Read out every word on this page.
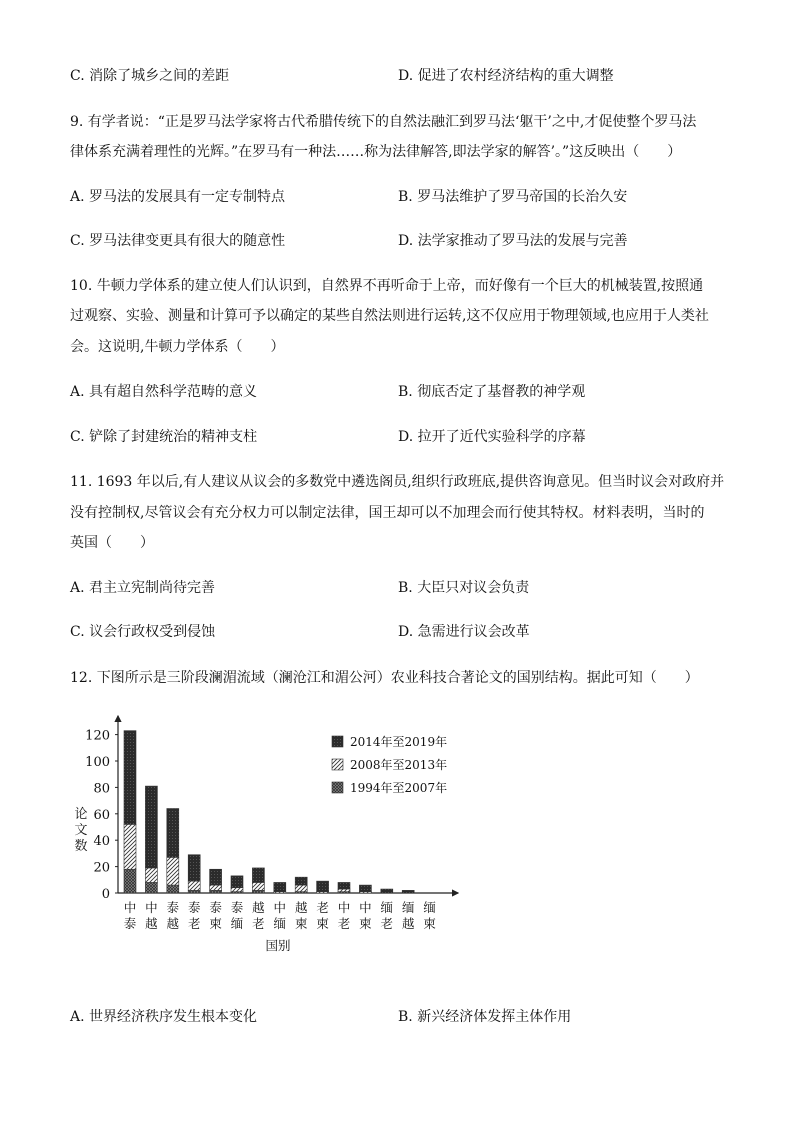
C. 消除了城乡之间的差距	D. 促进了农村经济结构的重大调整
9. 有学者说：“正是罗马法学家将古代希腊传统下的自然法融汇到罗马法‘躯干’之中,才促使整个罗马法
律体系充满着理性的光辉。”在罗马有一种法……称为法律解答,即法学家的解答’。”这反映出（　　）
A. 罗马法的发展具有一定专制特点	B. 罗马法维护了罗马帝国的长治久安
C. 罗马法律变更具有很大的随意性	D. 法学家推动了罗马法的发展与完善
10. 牛顿力学体系的建立使人们认识到，自然界不再听命于上帝，而好像有一个巨大的机械装置,按照通
过观察、实验、测量和计算可予以确定的某些自然法则进行运转,这不仅应用于物理领域,也应用于人类社
会。这说明,牛顿力学体系（　　）
A. 具有超自然科学范畴的意义	B. 彻底否定了基督教的神学观
C. 铲除了封建统治的精神支柱	D. 拉开了近代实验科学的序幕
11. 1693 年以后,有人建议从议会的多数党中遴选阁员,组织行政班底,提供咨询意见。但当时议会对政府并
没有控制权,尽管议会有充分权力可以制定法律，国王却可以不加理会而行使其特权。材料表明，当时的
英国（　　）
A. 君主立宪制尚待完善	B. 大臣只对议会负责
C. 议会行政权受到侵蚀	D. 急需进行议会改革
12. 下图所示是三阶段澜湄流域（澜沧江和湄公河）农业科技合著论文的国别结构。据此可知（　　）
0
20
40
60
80
100
120
论
文
数
中
泰
中
越
泰
越
泰
老
泰
柬
泰
缅
越
老
中
缅
越
柬
老
柬
中
老
中
柬
缅
老
缅
越
缅
柬
国别
2014年至2019年
2008年至2013年
1994年至2007年
A. 世界经济秩序发生根本变化	B. 新兴经济体发挥主体作用
